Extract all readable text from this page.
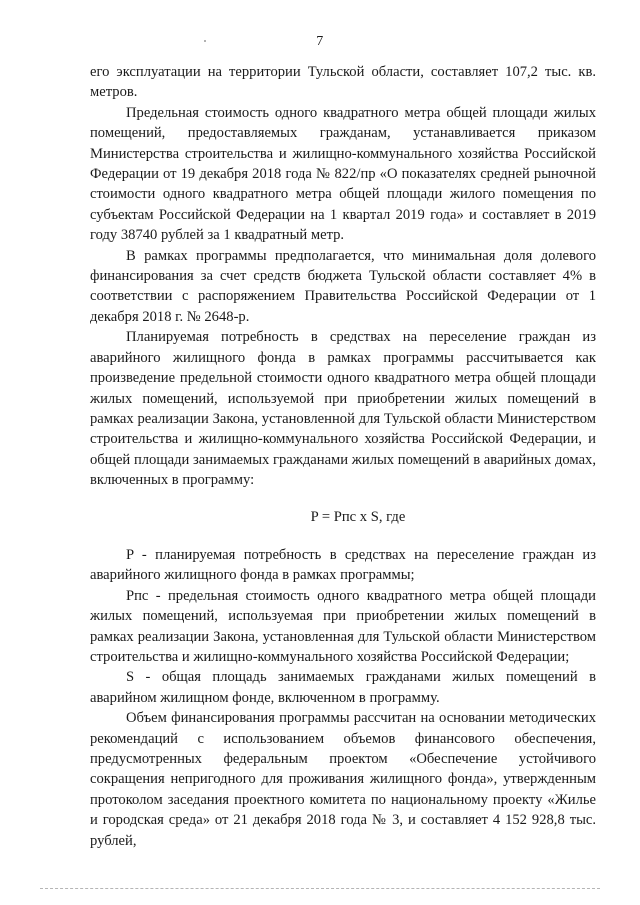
7

его эксплуатации на территории Тульской области, составляет 107,2 тыс. кв. метров.

Предельная стоимость одного квадратного метра общей площади жилых помещений, предоставляемых гражданам, устанавливается приказом Министерства строительства и жилищно-коммунального хозяйства Российской Федерации от 19 декабря 2018 года № 822/пр «О показателях средней рыночной стоимости одного квадратного метра общей площади жилого помещения по субъектам Российской Федерации на 1 квартал 2019 года» и составляет в 2019 году 38740 рублей за 1 квадратный метр.

В рамках программы предполагается, что минимальная доля долевого финансирования за счет средств бюджета Тульской области составляет 4% в соответствии с распоряжением Правительства Российской Федерации от 1 декабря 2018 г. № 2648-р.

Планируемая потребность в средствах на переселение граждан из аварийного жилищного фонда в рамках программы рассчитывается как произведение предельной стоимости одного квадратного метра общей площади жилых помещений, используемой при приобретении жилых помещений в рамках реализации Закона, установленной для Тульской области Министерством строительства и жилищно-коммунального хозяйства Российской Федерации, и общей площади занимаемых гражданами жилых помещений в аварийных домах, включенных в программу:

P = Рпс x S, где

P - планируемая потребность в средствах на переселение граждан из аварийного жилищного фонда в рамках программы;

Рпс - предельная стоимость одного квадратного метра общей площади жилых помещений, используемая при приобретении жилых помещений в рамках реализации Закона, установленная для Тульской области Министерством строительства и жилищно-коммунального хозяйства Российской Федерации;

S - общая площадь занимаемых гражданами жилых помещений в аварийном жилищном фонде, включенном в программу.

Объем финансирования программы рассчитан на основании методических рекомендаций с использованием объемов финансового обеспечения, предусмотренных федеральным проектом «Обеспечение устойчивого сокращения непригодного для проживания жилищного фонда», утвержденным протоколом заседания проектного комитета по национальному проекту «Жилье и городская среда» от 21 декабря 2018 года № 3, и составляет 4 152 928,8 тыс. рублей,
